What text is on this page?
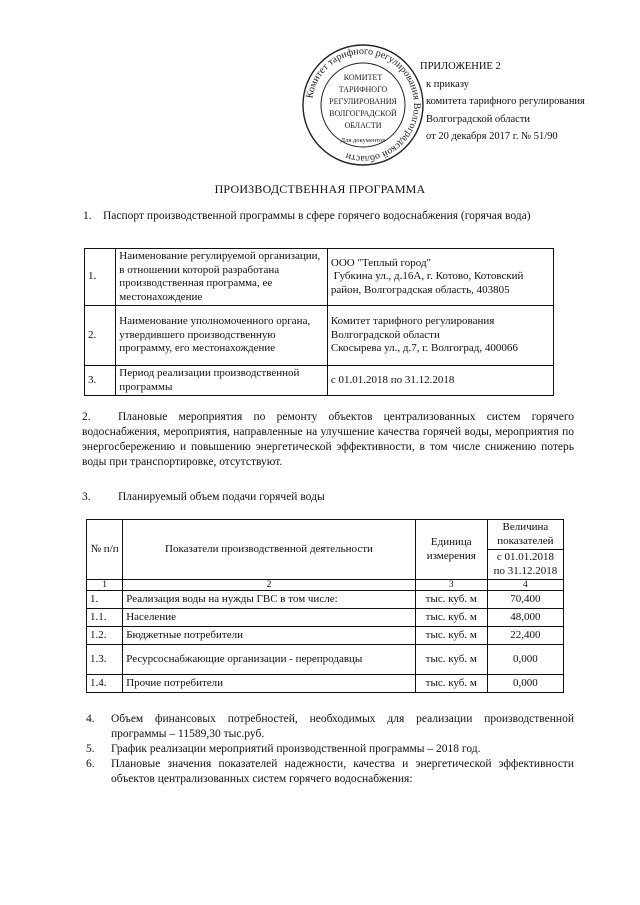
Комитет тарифного регулирования Волгоградской области
КОМИТЕТ
ТАРИФНОГО
РЕГУЛИРОВАНИЯ
ВОЛГОГРАДСКОЙ
ОБЛАСТИ
Для документов
ПРИЛОЖЕНИЕ 2
к приказу
комитета тарифного регулирования
Волгоградской области
от 20 декабря 2017 г. № 51/90
ПРОИЗВОДСТВЕННАЯ ПРОГРАММА
1. Паспорт производственной программы в сфере горячего водоснабжения (горячая вода)
1.	Наименование регулируемой организации, в отношении которой разработана производственная программа, ее местонахождение	ООО "Теплый город"
Губкина ул., д.16А, г. Котово, Котовский район, Волгоградская область, 403805

2.	Наименование уполномоченного органа, утвердившего производственную программу, его местонахождение	Комитет тарифного регулирования Волгоградской области
Скосырева ул., д.7, г. Волгоград, 400066

3.	Период реализации производственной программы	с 01.01.2018 по 31.12.2018
2. Плановые мероприятия по ремонту объектов централизованных систем горячего водоснабжения, мероприятия, направленные на улучшение качества горячей воды, мероприятия по энергосбережению и повышению энергетической эффективности, в том числе снижению потерь воды при транспортировке, отсутствуют.
3. Планируемый объем подачи горячей воды
№ п/п	Показатели производственной деятельности	Единица измерения	Величина показателей
			с 01.01.2018 по 31.12.2018
1	2	3	4
1.	Реализация воды на нужды ГВС в том числе:	тыс. куб. м	70,400
1.1.	Население	тыс. куб. м	48,000
1.2.	Бюджетные потребители	тыс. куб. м	22,400
1.3.	Ресурсоснабжающие организации - перепродавцы	тыс. куб. м	0,000
1.4.	Прочие потребители	тыс. куб. м	0,000
4.	Объем финансовых потребностей, необходимых для реализации производственной программы – 11589,30 тыс.руб.
5.	График реализации мероприятий производственной программы – 2018 год.
6.	Плановые значения показателей надежности, качества и энергетической эффективности объектов централизованных систем горячего водоснабжения:
